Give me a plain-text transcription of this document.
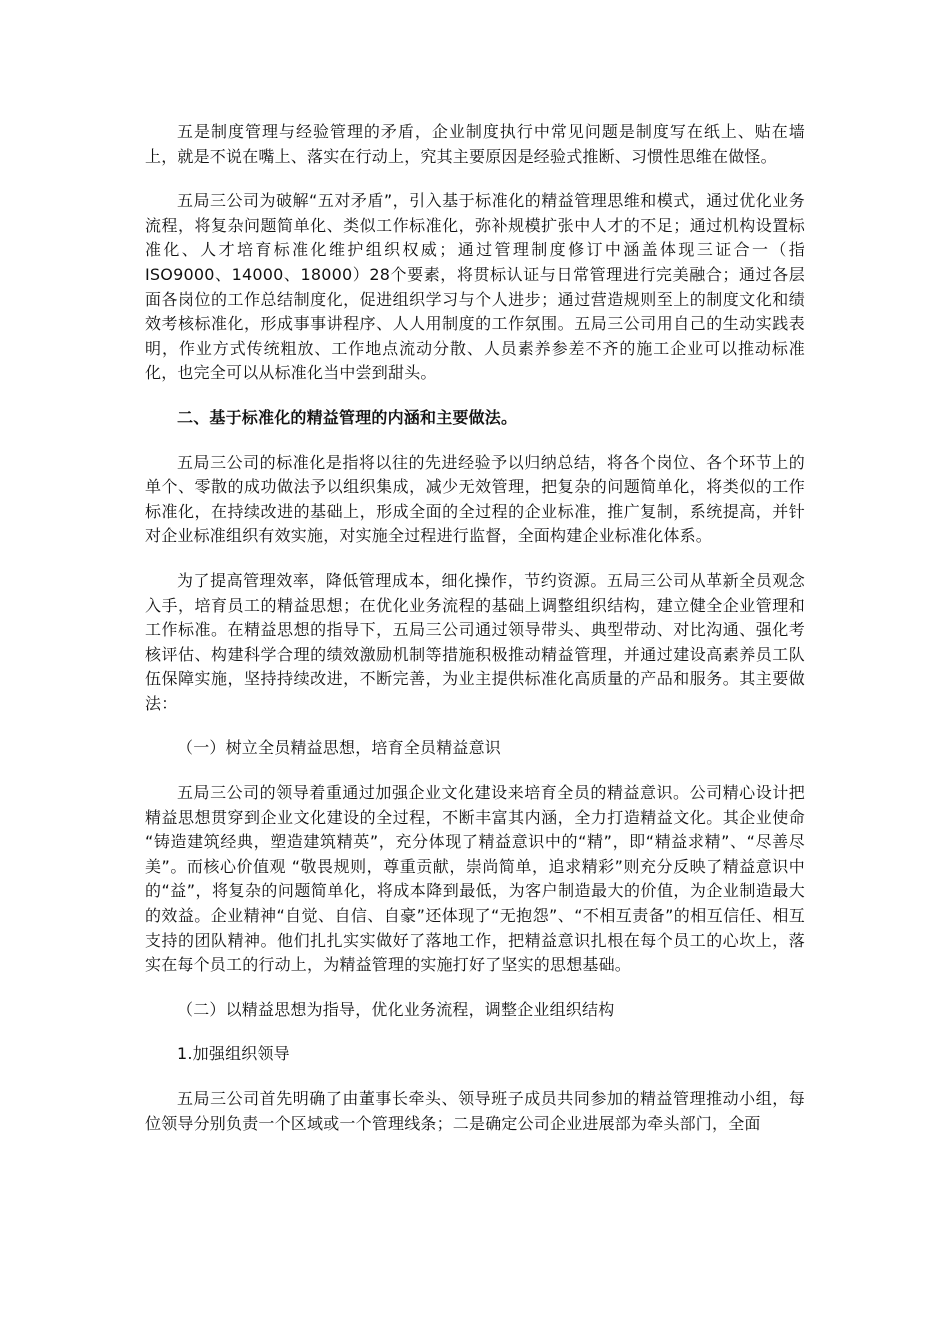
五是制度管理与经验管理的矛盾，企业制度执行中常见问题是制度写在纸上、贴在墙上，就是不说在嘴上、落实在行动上，究其主要原因是经验式推断、习惯性思维在做怪。

五局三公司为破解“五对矛盾”，引入基于标准化的精益管理思维和模式，通过优化业务流程，将复杂问题简单化、类似工作标准化，弥补规模扩张中人才的不足；通过机构设置标准化、人才培育标准化维护组织权威；通过管理制度修订中涵盖体现三证合一（指ISO9000、14000、18000）28个要素，将贯标认证与日常管理进行完美融合；通过各层面各岗位的工作总结制度化，促进组织学习与个人进步；通过营造规则至上的制度文化和绩效考核标准化，形成事事讲程序、人人用制度的工作氛围。五局三公司用自己的生动实践表明，作业方式传统粗放、工作地点流动分散、人员素养参差不齐的施工企业可以推动标准化，也完全可以从标准化当中尝到甜头。

二、基于标准化的精益管理的内涵和主要做法。

五局三公司的标准化是指将以往的先进经验予以归纳总结，将各个岗位、各个环节上的单个、零散的成功做法予以组织集成，减少无效管理，把复杂的问题简单化，将类似的工作标准化，在持续改进的基础上，形成全面的全过程的企业标准，推广复制，系统提高，并针对企业标准组织有效实施，对实施全过程进行监督，全面构建企业标准化体系。

为了提高管理效率，降低管理成本，细化操作，节约资源。五局三公司从革新全员观念入手，培育员工的精益思想；在优化业务流程的基础上调整组织结构，建立健全企业管理和工作标准。在精益思想的指导下，五局三公司通过领导带头、典型带动、对比沟通、强化考核评估、构建科学合理的绩效激励机制等措施积极推动精益管理，并通过建设高素养员工队伍保障实施，坚持持续改进，不断完善，为业主提供标准化高质量的产品和服务。其主要做法：

（一）树立全员精益思想，培育全员精益意识

五局三公司的领导着重通过加强企业文化建设来培育全员的精益意识。公司精心设计把精益思想贯穿到企业文化建设的全过程，不断丰富其内涵，全力打造精益文化。其企业使命 “铸造建筑经典，塑造建筑精英”，充分体现了精益意识中的“精”，即“精益求精”、“尽善尽美”。而核心价值观 “敬畏规则，尊重贡献，崇尚简单，追求精彩”则充分反映了精益意识中的“益”，将复杂的问题简单化，将成本降到最低，为客户制造最大的价值，为企业制造最大的效益。企业精神“自觉、自信、自豪”还体现了“无抱怨”、“不相互责备”的相互信任、相互支持的团队精神。他们扎扎实实做好了落地工作，把精益意识扎根在每个员工的心坎上，落实在每个员工的行动上，为精益管理的实施打好了坚实的思想基础。

（二）以精益思想为指导，优化业务流程，调整企业组织结构

1.加强组织领导

五局三公司首先明确了由董事长牵头、领导班子成员共同参加的精益管理推动小组，每位领导分别负责一个区域或一个管理线条；二是确定公司企业进展部为牵头部门，全面
